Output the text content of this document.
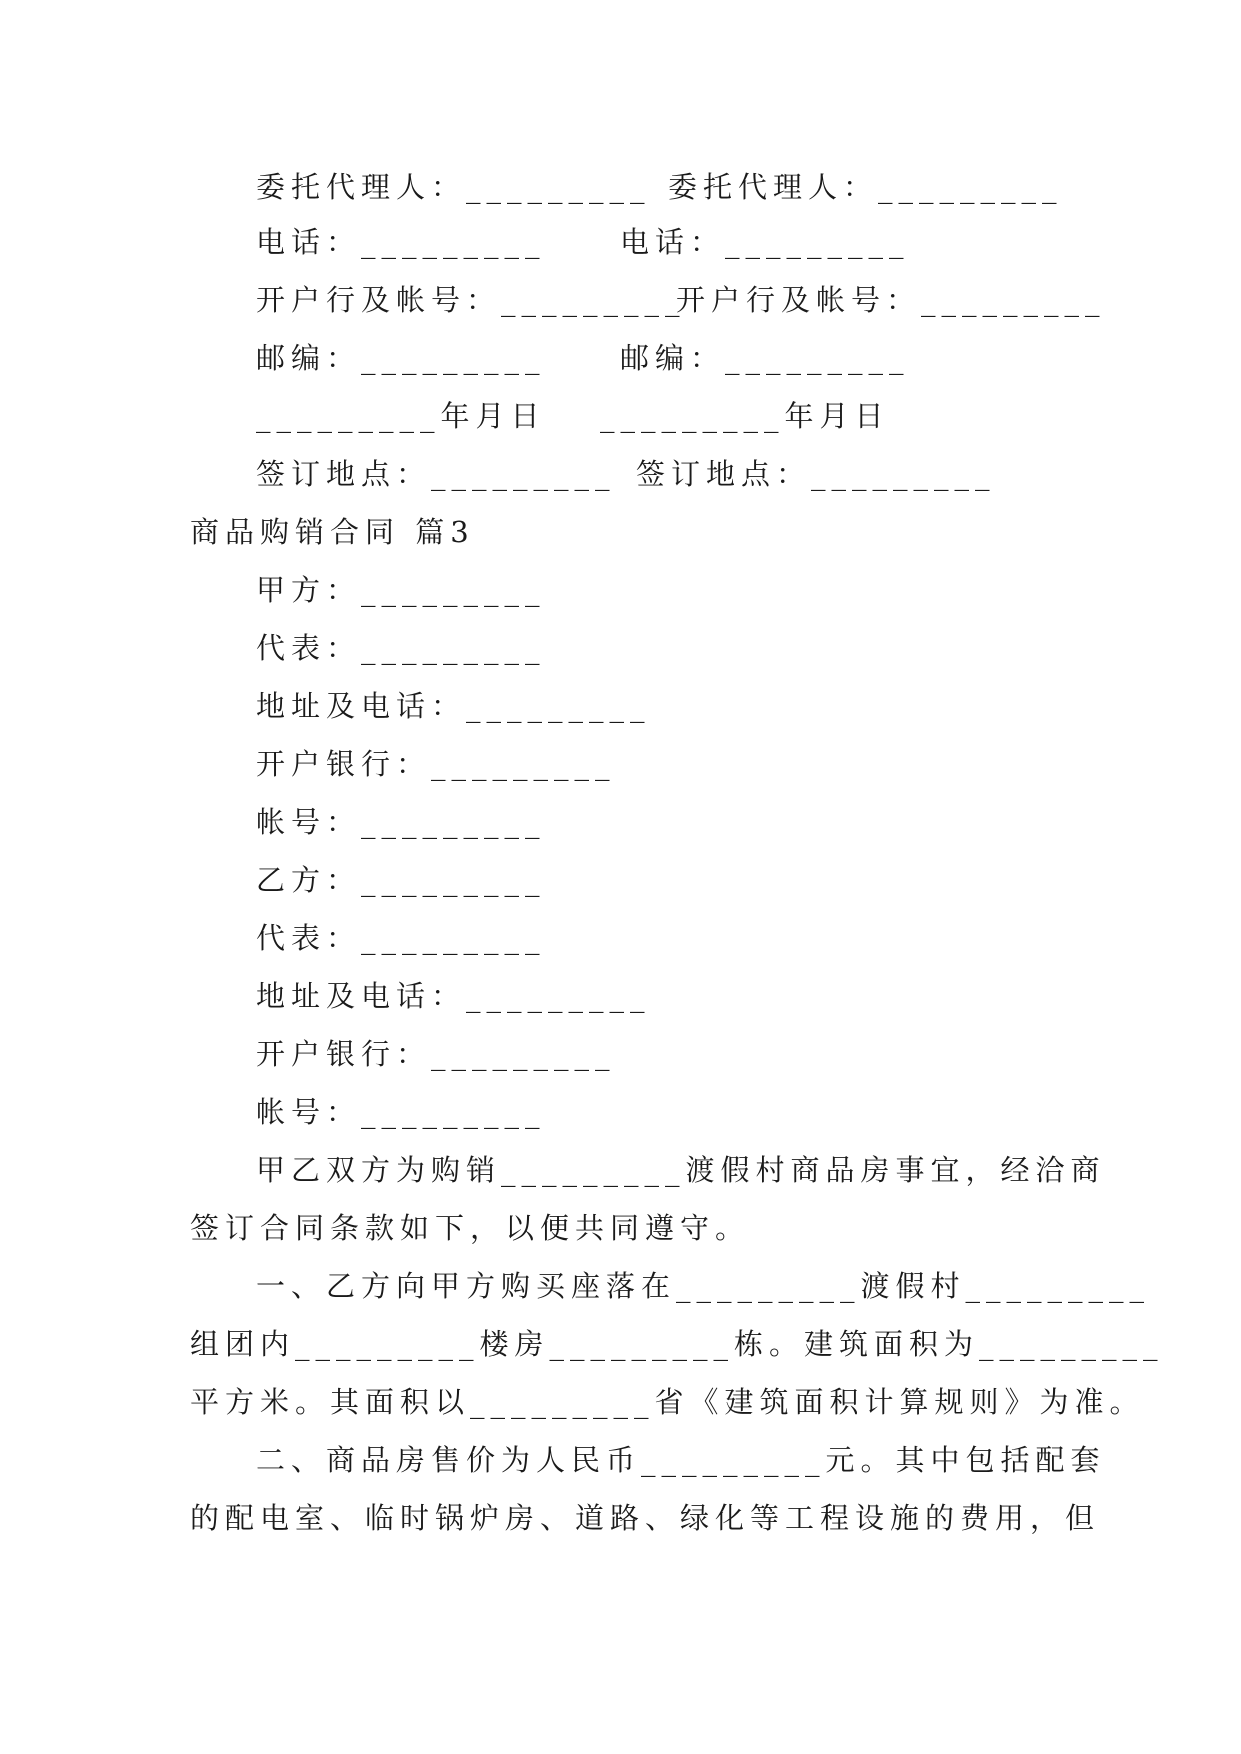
委托代理人：_________ 委托代理人：_________
电话：_________	电话：_________
开户行及帐号：_________
开户行及帐号：_________
邮编：_________	邮编：_________
_________年月日 _________年月日
签订地点：_________ 签订地点：_________
商品购销合同 篇3
甲方：_________
代表：_________
地址及电话：_________
开户银行：_________
帐号：_________
乙方：_________
代表：_________
地址及电话：_________
开户银行：_________
帐号：_________
甲乙双方为购销_________渡假村商品房事宜，经洽商
签订合同条款如下，以便共同遵守。
一、乙方向甲方购买座落在_________渡假村_________
组团内_________楼房_________栋。建筑面积为_________
平方米。其面积以_________省《建筑面积计算规则》为准。
二、商品房售价为人民币_________元。其中包括配套
的配电室、临时锅炉房、道路、绿化等工程设施的费用，但
